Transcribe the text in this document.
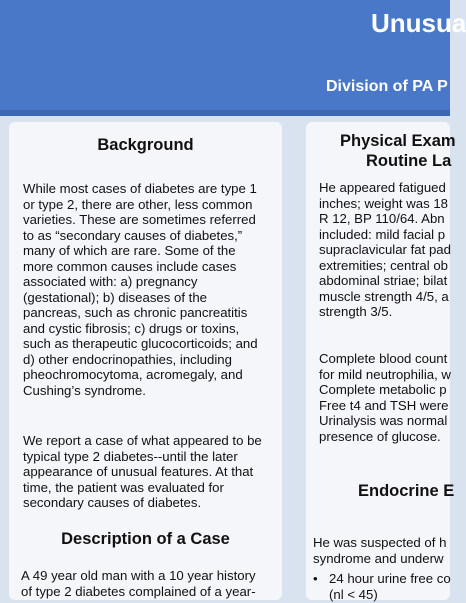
Unusua
Division of PA P
Background
While most cases of diabetes are type 1
or type 2, there are other, less common
varieties. These are sometimes referred
to as “secondary causes of diabetes,”
many of which are rare. Some of the
more common causes include cases
associated with: a) pregnancy
(gestational); b) diseases of the
pancreas, such as chronic pancreatitis
and cystic fibrosis; c) drugs or toxins,
such as therapeutic glucocorticoids; and
d) other endocrinopathies, including
pheochromocytoma, acromegaly, and
Cushing’s syndrome.
We report a case of what appeared to be
typical type 2 diabetes--until the later
appearance of unusual features. At that
time, the patient was evaluated for
secondary causes of diabetes.
Description of a Case
A 49 year old man with a 10 year history
of type 2 diabetes complained of a year-
Physical Exam
Routine La
He appeared fatigued
inches; weight was 18
R 12, BP 110/64. Abn
included: mild facial p
supraclavicular fat pad
extremities; central ob
abdominal striae; bilat
muscle strength 4/5, a
strength 3/5.
Complete blood count
for mild neutrophilia, w
Complete metabolic p
Free t4 and TSH were
Urinalysis was normal
presence of glucose.
Endocrine E
He was suspected of h
syndrome and underw
• 24 hour urine free co
(nl < 45)
